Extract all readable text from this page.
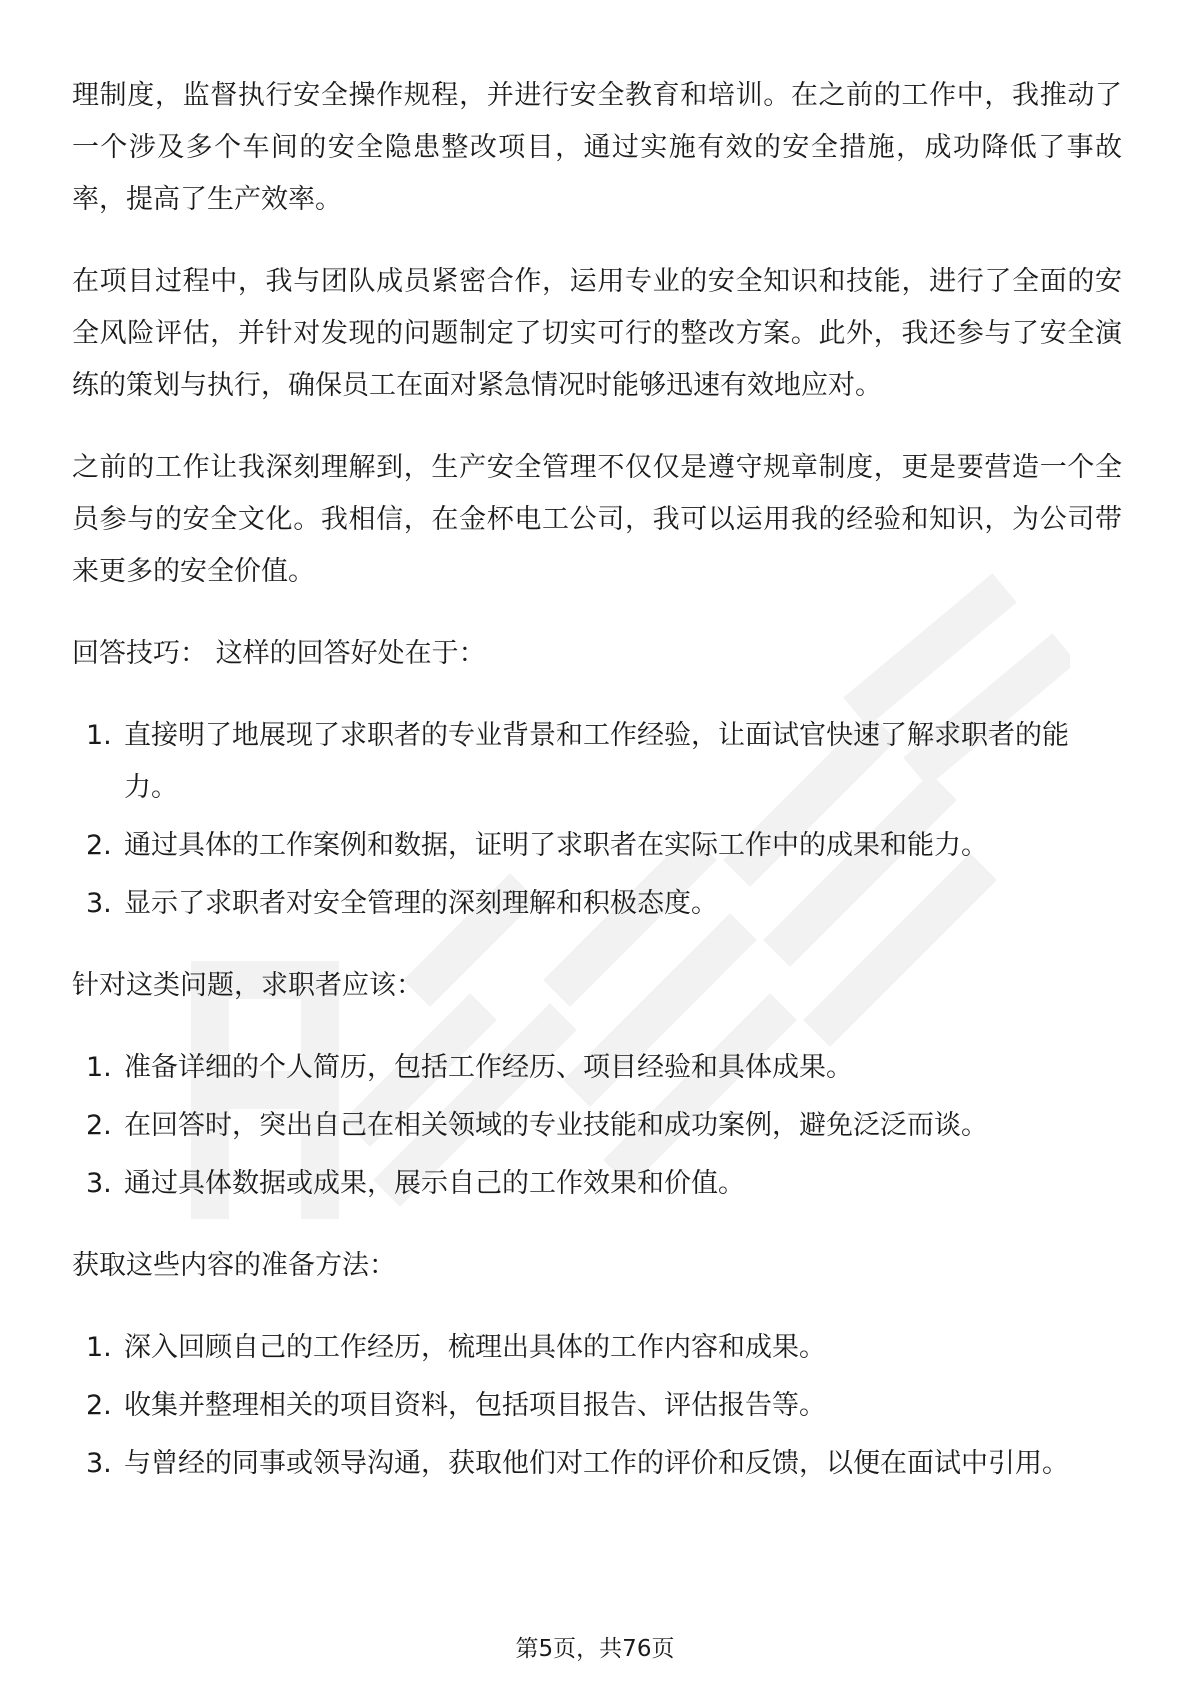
理制度，监督执行安全操作规程，并进行安全教育和培训。在之前的工作中，我推动了一个涉及多个车间的安全隐患整改项目，通过实施有效的安全措施，成功降低了事故率，提高了生产效率。

在项目过程中，我与团队成员紧密合作，运用专业的安全知识和技能，进行了全面的安全风险评估，并针对发现的问题制定了切实可行的整改方案。此外，我还参与了安全演练的策划与执行，确保员工在面对紧急情况时能够迅速有效地应对。

之前的工作让我深刻理解到，生产安全管理不仅仅是遵守规章制度，更是要营造一个全员参与的安全文化。我相信，在金杯电工公司，我可以运用我的经验和知识，为公司带来更多的安全价值。

回答技巧： 这样的回答好处在于：
1. 直接明了地展现了求职者的专业背景和工作经验，让面试官快速了解求职者的能力。
2. 通过具体的工作案例和数据，证明了求职者在实际工作中的成果和能力。
3. 显示了求职者对安全管理的深刻理解和积极态度。
针对这类问题，求职者应该：
1. 准备详细的个人简历，包括工作经历、项目经验和具体成果。
2. 在回答时，突出自己在相关领域的专业技能和成功案例，避免泛泛而谈。
3. 通过具体数据或成果，展示自己的工作效果和价值。
获取这些内容的准备方法：
1. 深入回顾自己的工作经历，梳理出具体的工作内容和成果。
2. 收集并整理相关的项目资料，包括项目报告、评估报告等。
3. 与曾经的同事或领导沟通，获取他们对工作的评价和反馈，以便在面试中引用。
第5页，共76页
